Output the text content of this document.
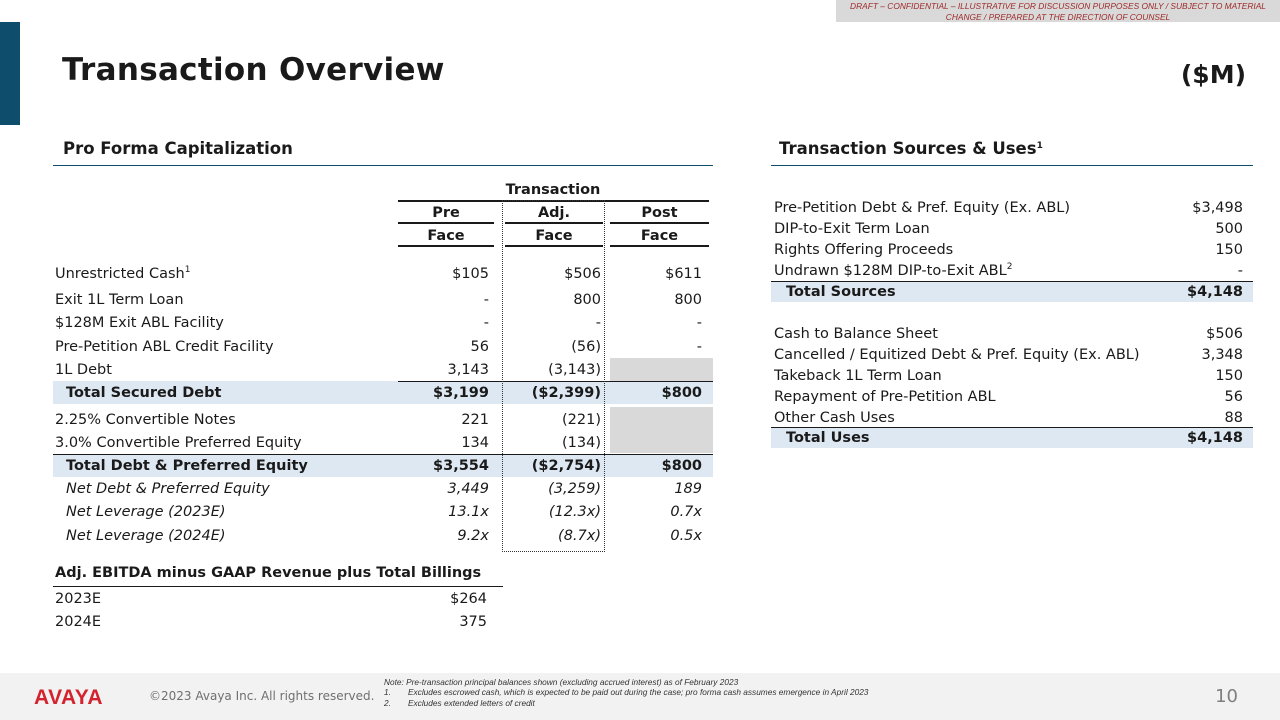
DRAFT – CONFIDENTIAL – ILLUSTRATIVE FOR DISCUSSION PURPOSES ONLY / SUBJECT TO MATERIAL CHANGE / PREPARED AT THE DIRECTION OF COUNSEL
Transaction Overview	($M)
Pro Forma Capitalization
Transaction
Pre	Adj.	Post
Face	Face	Face
Unrestricted Cash$^1$	$105	$506	$611
Exit 1L Term Loan	-	800	800
$128M Exit ABL Facility	-	-	-
Pre-Petition ABL Credit Facility	56	(56)	-
1L Debt	3,143	(3,143)
Total Secured Debt	$3,199	($2,399)	$800
2.25% Convertible Notes	221	(221)
3.0% Convertible Preferred Equity	134	(134)
Total Debt & Preferred Equity	$3,554	($2,754)	$800
Net Debt & Preferred Equity	3,449	(3,259)	189
Net Leverage (2023E)	13.1x	(12.3x)	0.7x
Net Leverage (2024E)	9.2x	(8.7x)	0.5x
Transaction Sources & Uses$^1$
Pre-Petition Debt & Pref. Equity (Ex. ABL)	$3,498
DIP-to-Exit Term Loan	500
Rights Offering Proceeds	150
Undrawn $128M DIP-to-Exit ABL$^2$	-
Total Sources	$4,148
Cash to Balance Sheet	$506
Cancelled / Equitized Debt & Pref. Equity (Ex. ABL)	3,348
Takeback 1L Term Loan	150
Repayment of Pre-Petition ABL	56
Other Cash Uses	88
Total Uses	$4,148
Adj. EBITDA minus GAAP Revenue plus Total Billings
2023E	$264
2024E	375
AVAYA	©2023 Avaya Inc. All rights reserved.
Note: Pre-transaction principal balances shown (excluding accrued interest) as of February 2023
1.	Excludes escrowed cash, which is expected to be paid out during the case; pro forma cash assumes emergence in April 2023
2.	Excludes extended letters of credit	10
